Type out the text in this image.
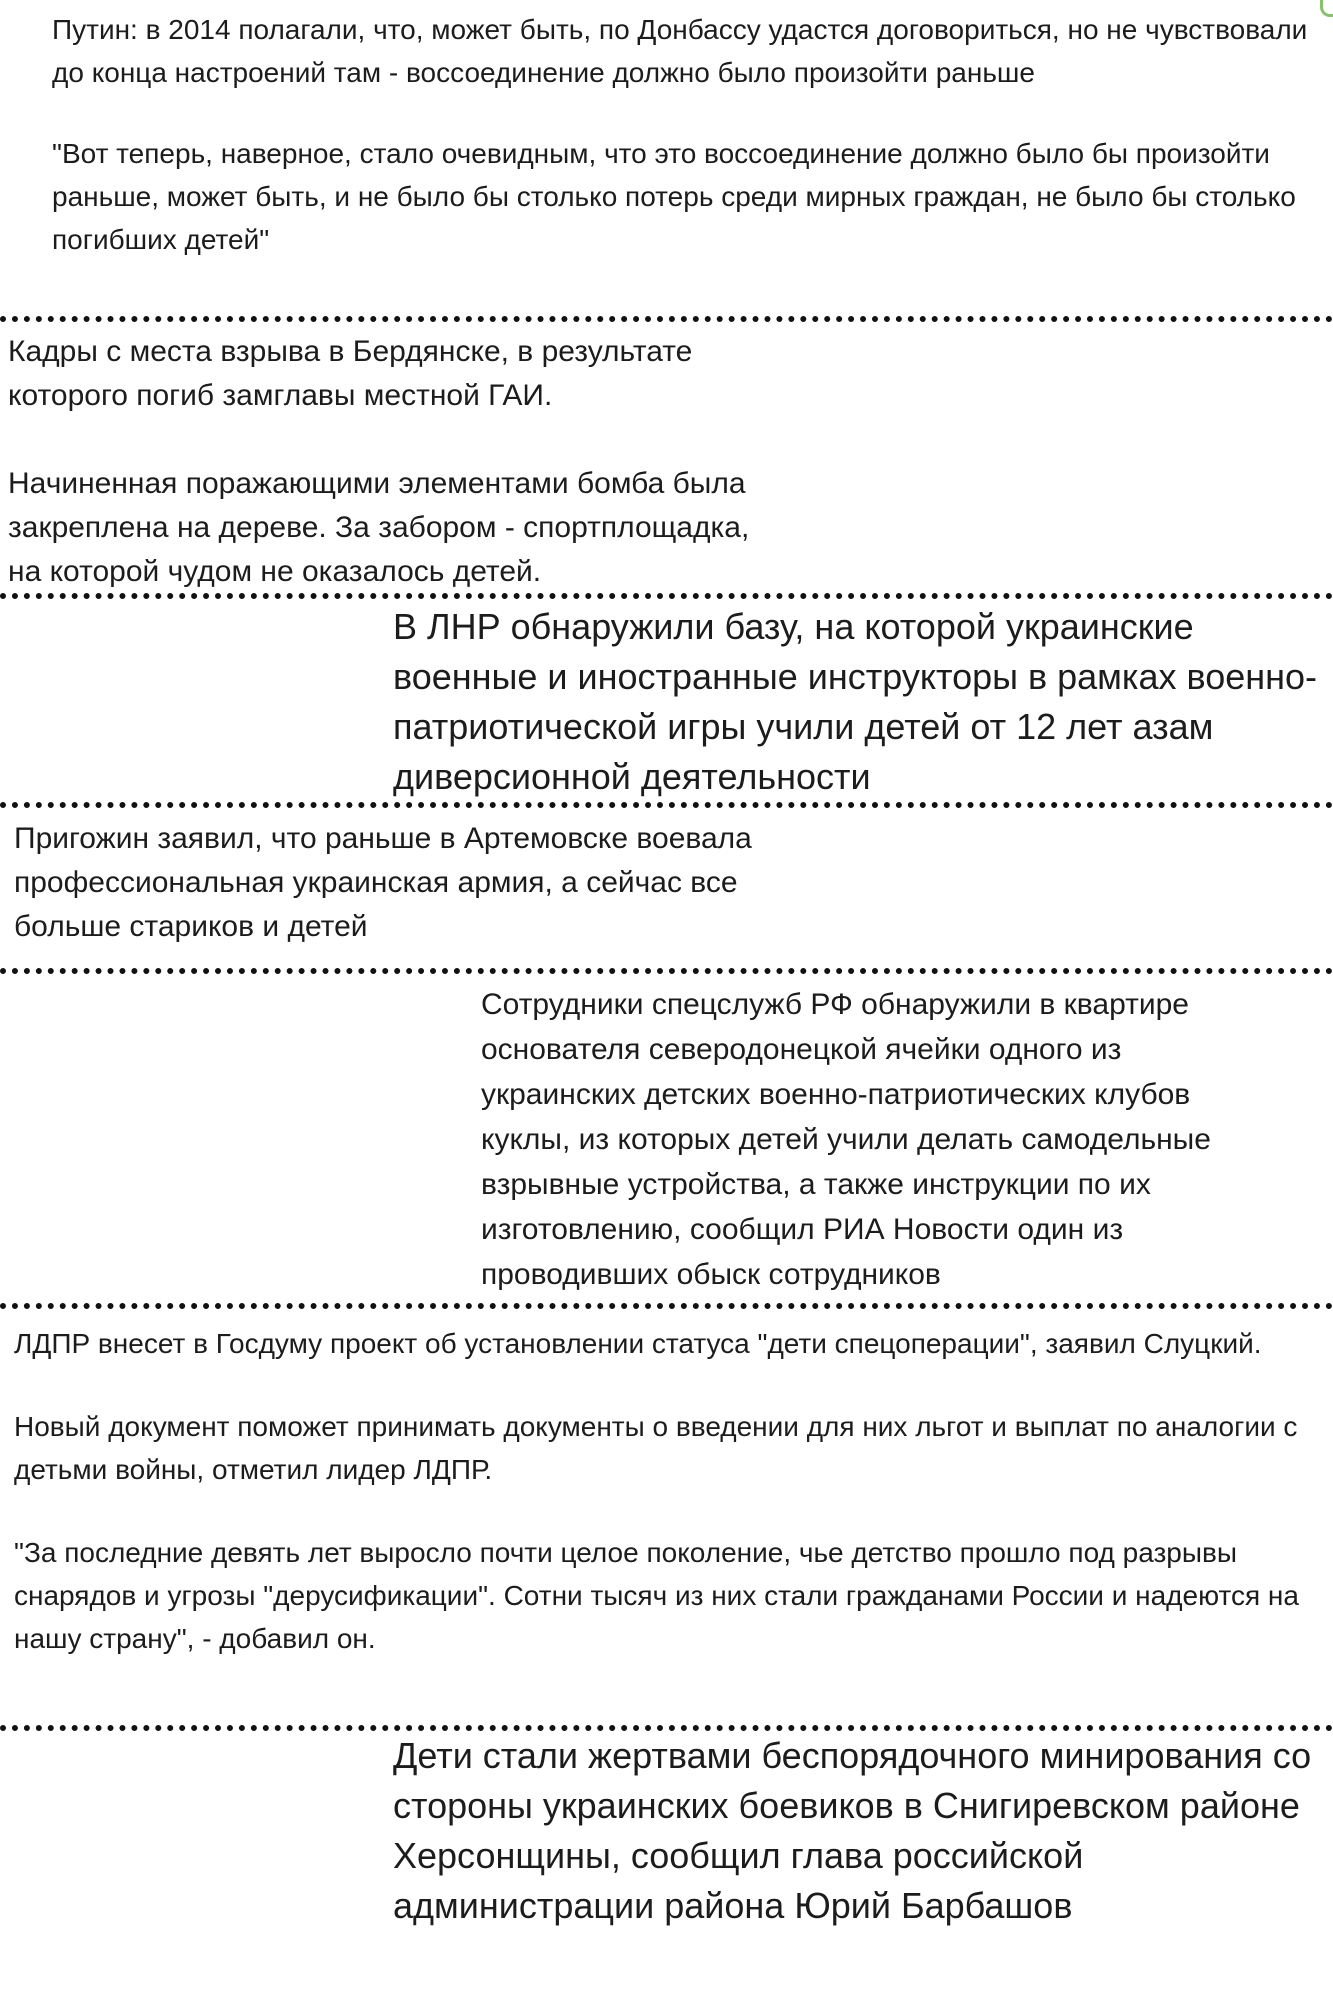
Путин: в 2014 полагали, что, может быть, по Донбассу удастся договориться, но не чувствовали до конца настроений там - воссоединение должно было произойти раньше

"Вот теперь, наверное, стало очевидным, что это воссоединение должно было бы произойти раньше, может быть, и не было бы столько потерь среди мирных граждан, не было бы столько погибших детей"

Кадры с места взрыва в Бердянске, в результате
которого погиб замглавы местной ГАИ.

Начиненная поражающими элементами бомба была
закреплена на дереве. За забором - спортплощадка,
на которой чудом не оказалось детей.

В ЛНР обнаружили базу, на которой украинские военные и иностранные инструкторы в рамках военно-патриотической игры учили детей от 12 лет азам диверсионной деятельности

Пригожин заявил, что раньше в Артемовске воевала
профессиональная украинская армия, а сейчас все
больше стариков и детей

Сотрудники спецслужб РФ обнаружили в квартире
основателя северодонецкой ячейки одного из
украинских детских военно-патриотических клубов
куклы, из которых детей учили делать самодельные
взрывные устройства, а также инструкции по их
изготовлению, сообщил РИА Новости один из
проводивших обыск сотрудников

ЛДПР внесет в Госдуму проект об установлении статуса "дети спецоперации", заявил Слуцкий.

Новый документ поможет принимать документы о введении для них льгот и выплат по аналогии с детьми войны, отметил лидер ЛДПР.

"За последние девять лет выросло почти целое поколение, чье детство прошло под разрывы снарядов и угрозы "дерусификации". Сотни тысяч из них стали гражданами России и надеются на нашу страну", - добавил он.

Дети стали жертвами беспорядочного минирования со стороны украинских боевиков в Снигиревском районе Херсонщины, сообщил глава российской администрации района Юрий Барбашов
